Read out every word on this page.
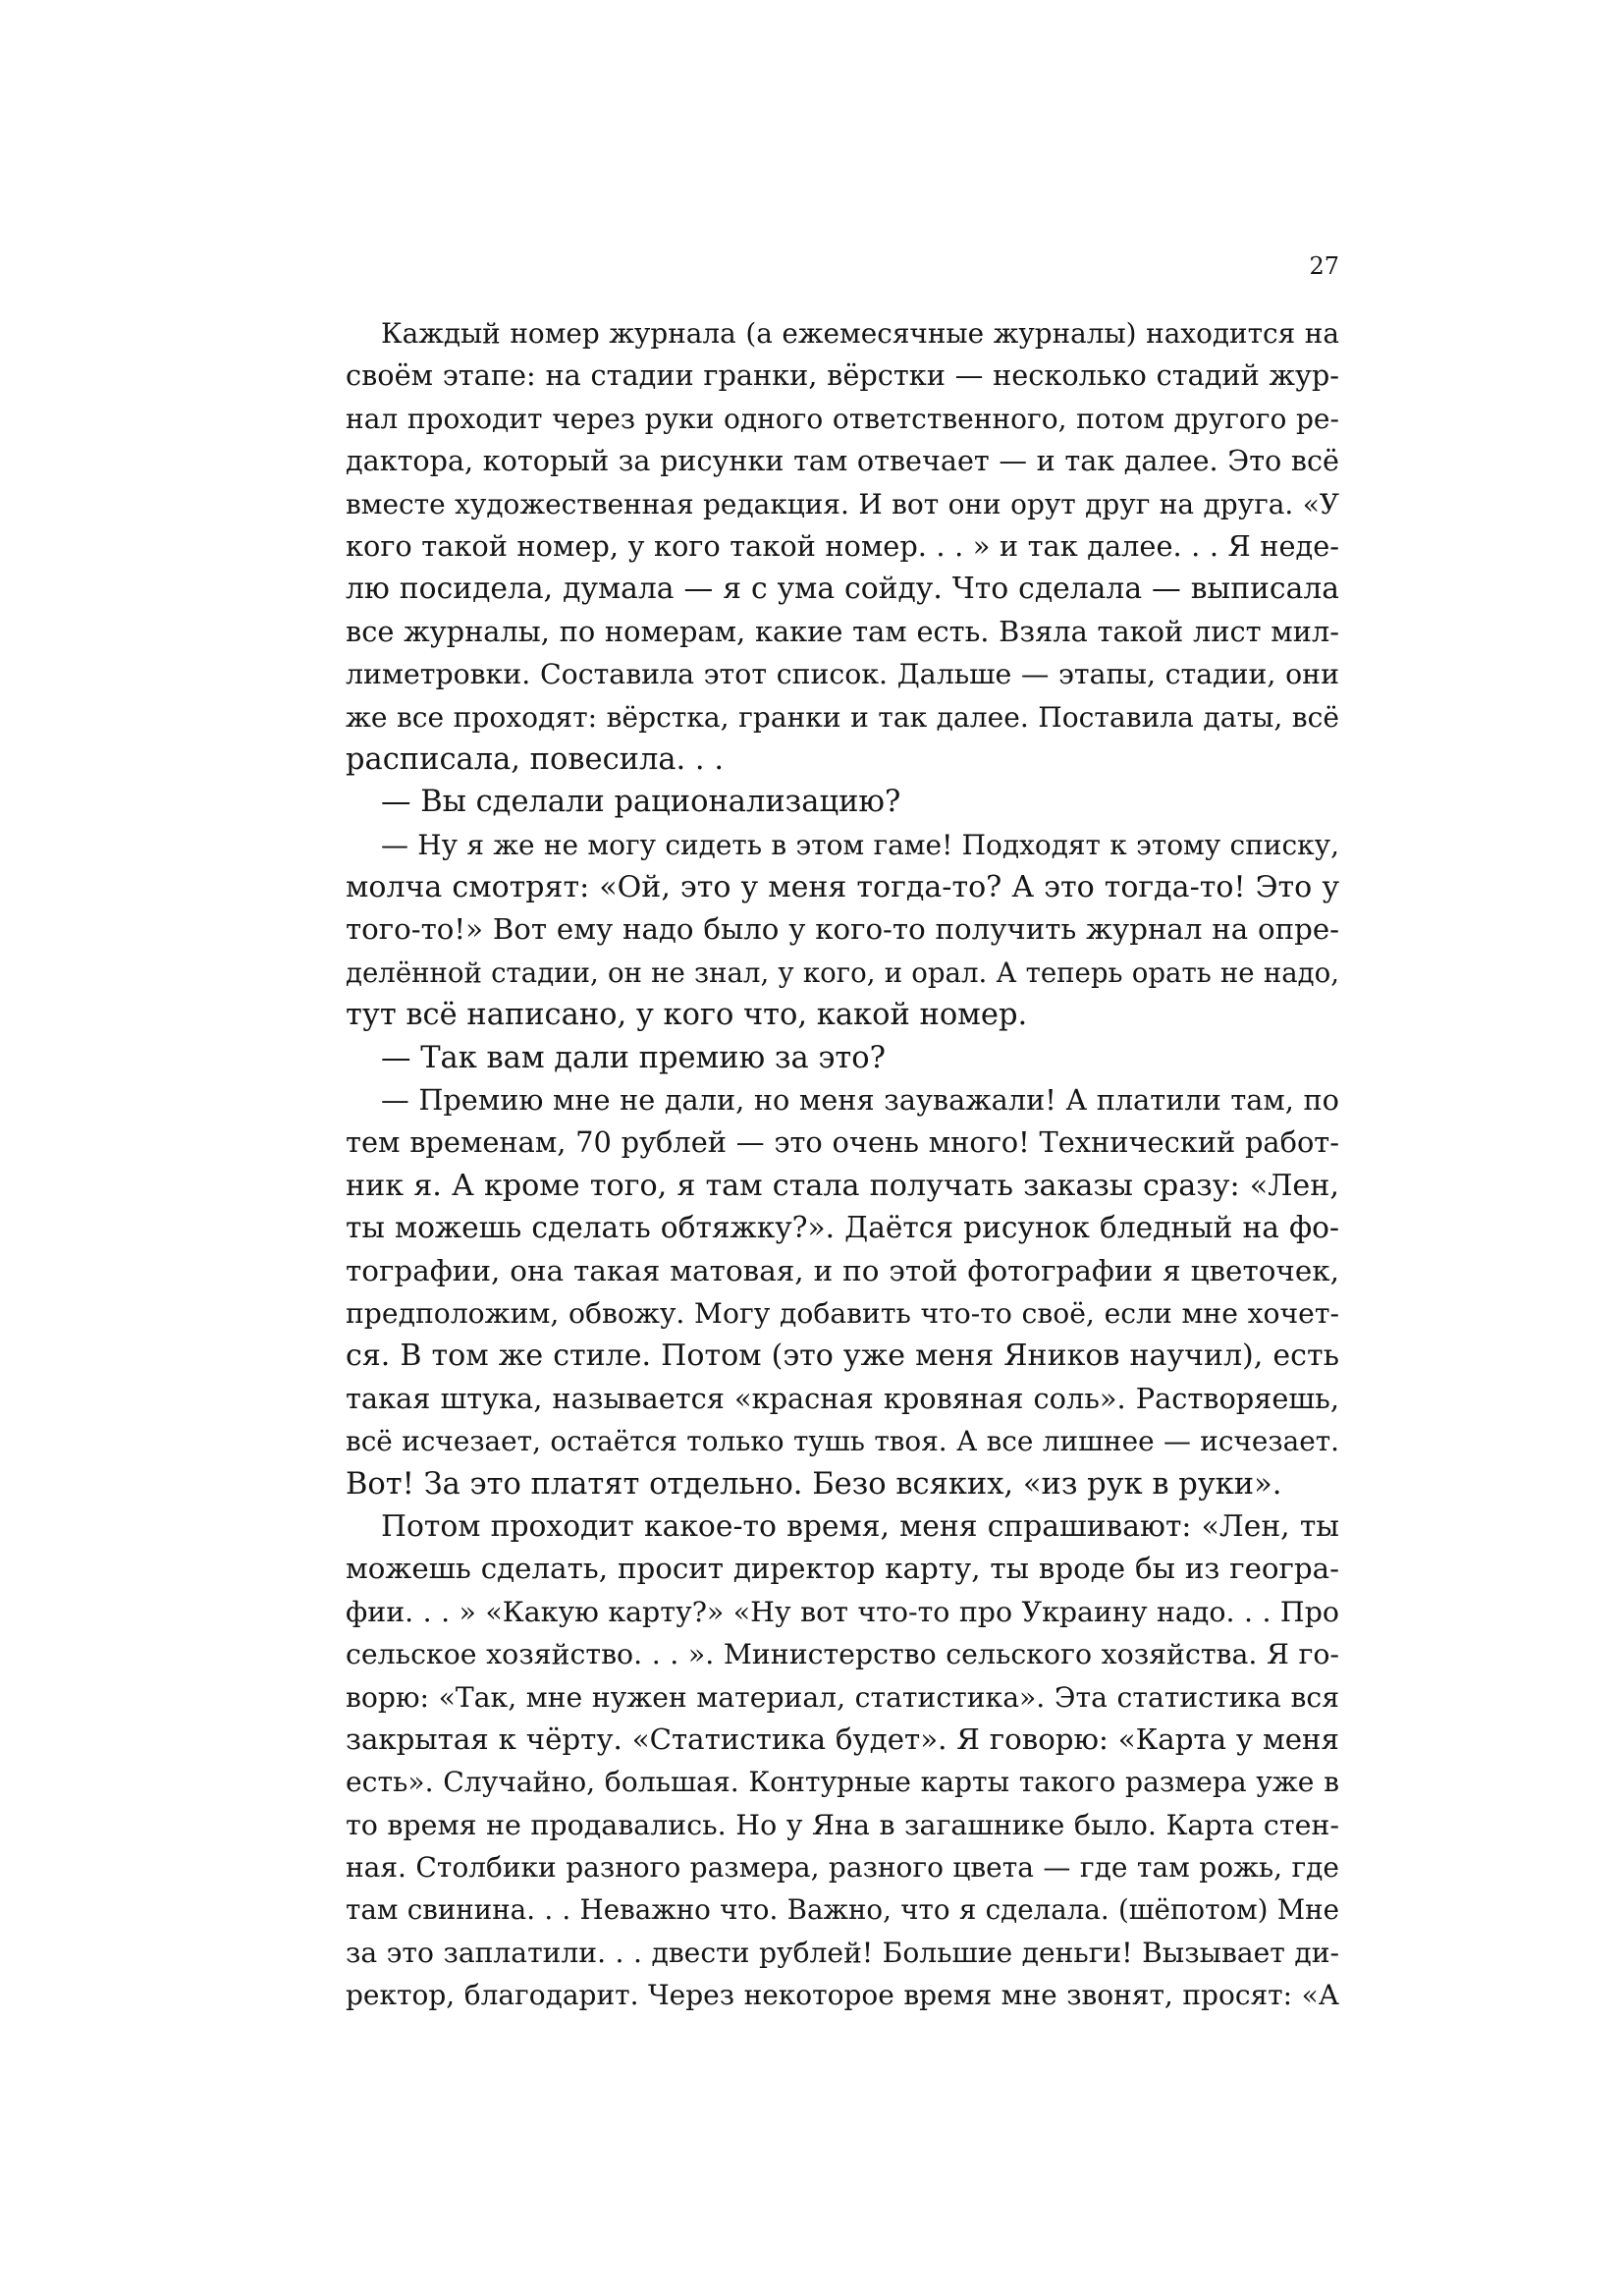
27
Каждый номер журнала (а ежемесячные журналы) находится на
своём этапе: на стадии гранки, вёрстки — несколько стадий жур-
нал проходит через руки одного ответственного, потом другого ре-
дактора, который за рисунки там отвечает — и так далее. Это всё
вместе художественная редакция. И вот они орут друг на друга. «У
кого такой номер, у кого такой номер. . . » и так далее. . . Я неде-
лю посидела, думала — я с ума сойду. Что сделала — выписала
все журналы, по номерам, какие там есть. Взяла такой лист мил-
лиметровки. Составила этот список. Дальше — этапы, стадии, они
же все проходят: вёрстка, гранки и так далее. Поставила даты, всё
расписала, повесила. . .
— Вы сделали рационализацию?
— Ну я же не могу сидеть в этом гаме! Подходят к этому списку,
молча смотрят: «Ой, это у меня тогда-то? А это тогда-то! Это у
того-то!» Вот ему надо было у кого-то получить журнал на опре-
делённой стадии, он не знал, у кого, и орал. А теперь орать не надо,
тут всё написано, у кого что, какой номер.
— Так вам дали премию за это?
— Премию мне не дали, но меня зауважали! А платили там, по
тем временам, 70 рублей — это очень много! Технический работ-
ник я. А кроме того, я там стала получать заказы сразу: «Лен,
ты можешь сделать обтяжку?». Даётся рисунок бледный на фо-
тографии, она такая матовая, и по этой фотографии я цветочек,
предположим, обвожу. Могу добавить что-то своё, если мне хочет-
ся. В том же стиле. Потом (это уже меня Яников научил), есть
такая штука, называется «красная кровяная соль». Растворяешь,
всё исчезает, остаётся только тушь твоя. А все лишнее — исчезает.
Вот! За это платят отдельно. Безо всяких, «из рук в руки».
Потом проходит какое-то время, меня спрашивают: «Лен, ты
можешь сделать, просит директор карту, ты вроде бы из геогра-
фии. . . » «Какую карту?» «Ну вот что-то про Украину надо. . . Про
сельское хозяйство. . . ». Министерство сельского хозяйства. Я го-
ворю: «Так, мне нужен материал, статистика». Эта статистика вся
закрытая к чёрту. «Статистика будет». Я говорю: «Карта у меня
есть». Случайно, большая. Контурные карты такого размера уже в
то время не продавались. Но у Яна в загашнике было. Карта стен-
ная. Столбики разного размера, разного цвета — где там рожь, где
там свинина. . . Неважно что. Важно, что я сделала. (шёпотом) Мне
за это заплатили. . . двести рублей! Большие деньги! Вызывает ди-
ректор, благодарит. Через некоторое время мне звонят, просят: «А
